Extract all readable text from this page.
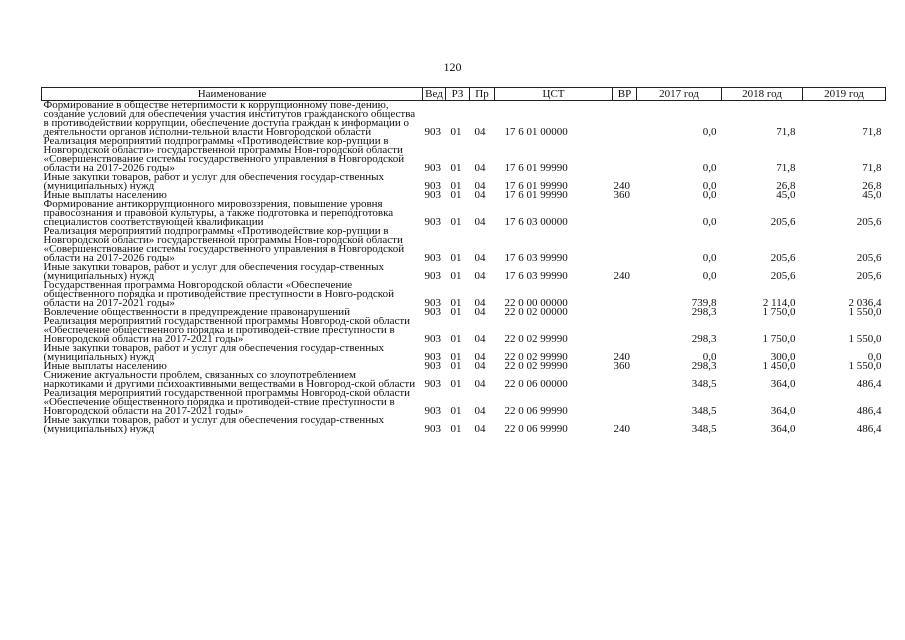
120
Наименование	Вед	РЗ	Пр	ЦСТ	ВР	2017 год	2018 год	2019 год
Формирование в обществе нетерпимости к коррупционному пове-дению, создание условий для обеспечения участия институтов гражданского общества в противодействии коррупции, обеспечение доступа граждан к информации о деятельности органов исполни-тельной власти Новгородской области	903	01	04	17 6 01 00000		0,0	71,8	71,8
Реализация мероприятий подпрограммы «Противодействие кор-рупции в Новгородской области» государственной программы Нов-городской области «Совершенствование системы государственного управления в Новгородской области на 2017-2026 годы»	903	01	04	17 6 01 99990		0,0	71,8	71,8
Иные закупки товаров, работ и услуг для обеспечения государ-ственных (муниципальных) нужд	903	01	04	17 6 01 99990	240	0,0	26,8	26,8
Иные выплаты населению	903	01	04	17 6 01 99990	360	0,0	45,0	45,0
Формирование антикоррупционного мировоззрения, повышение уровня правосознания и правовой культуры, а также подготовка и переподготовка специалистов соответствующей квалификации	903	01	04	17 6 03 00000		0,0	205,6	205,6
Реализация мероприятий подпрограммы «Противодействие кор-рупции в Новгородской области» государственной программы Нов-городской области «Совершенствование системы государственного управления в Новгородской области на 2017-2026 годы»	903	01	04	17 6 03 99990		0,0	205,6	205,6
Иные закупки товаров, работ и услуг для обеспечения государ-ственных (муниципальных) нужд	903	01	04	17 6 03 99990	240	0,0	205,6	205,6
Государственная программа Новгородской области «Обеспечение общественного порядка и противодействие преступности в Новго-родской области на 2017-2021 годы»	903	01	04	22 0 00 00000		739,8	2 114,0	2 036,4
Вовлечение общественности в предупреждение правонарушений	903	01	04	22 0 02 00000		298,3	1 750,0	1 550,0
Реализация мероприятий государственной программы Новгород-ской области «Обеспечение общественного порядка и противодей-ствие преступности в Новгородской области на 2017-2021 годы»	903	01	04	22 0 02 99990		298,3	1 750,0	1 550,0
Иные закупки товаров, работ и услуг для обеспечения государ-ственных (муниципальных) нужд	903	01	04	22 0 02 99990	240	0,0	300,0	0,0
Иные выплаты населению	903	01	04	22 0 02 99990	360	298,3	1 450,0	1 550,0
Снижение актуальности проблем, связанных со злоупотреблением наркотиками и другими психоактивными веществами в Новгород-ской области	903	01	04	22 0 06 00000		348,5	364,0	486,4
Реализация мероприятий государственной программы Новгород-ской области «Обеспечение общественного порядка и противодей-ствие преступности в Новгородской области на 2017-2021 годы»	903	01	04	22 0 06 99990		348,5	364,0	486,4
Иные закупки товаров, работ и услуг для обеспечения государ-ственных (муниципальных) нужд	903	01	04	22 0 06 99990	240	348,5	364,0	486,4
